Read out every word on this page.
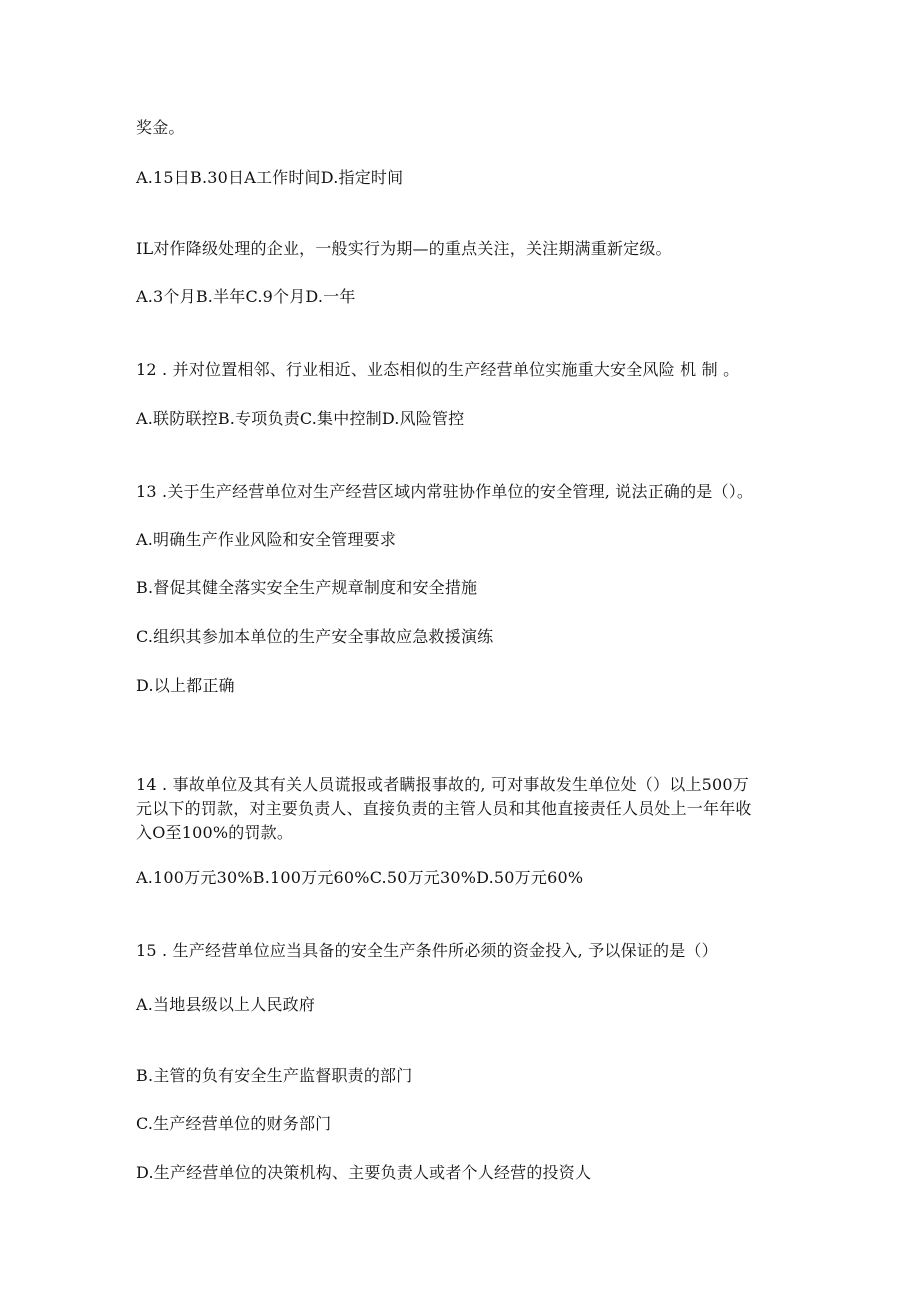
奖金。
A.15日B.30日A工作时间D.指定时间
IL对作降级处理的企业，一般实行为期—的重点关注，关注期满重新定级。
A.3个月B.半年C.9个月D.一年
12 . 并对位置相邻、行业相近、业态相似的生产经营单位实施重大安全风险 机 制 。
A.联防联控B.专项负责C.集中控制D.风险管控
13 .关于生产经营单位对生产经营区域内常驻协作单位的安全管理, 说法正确的是（）。
A.明确生产作业风险和安全管理要求
B.督促其健全落实安全生产规章制度和安全措施
C.组织其参加本单位的生产安全事故应急救援演练
D.以上都正确
14 . 事故单位及其有关人员谎报或者瞒报事故的, 可对事故发生单位处（）以上500万
元以下的罚款，对主要负责人、直接负责的主管人员和其他直接责任人员处上一年年收
入O至100%的罚款。
A.100万元30%B.100万元60%C.50万元30%D.50万元60%
15 . 生产经营单位应当具备的安全生产条件所必须的资金投入, 予以保证的是（）
A.当地县级以上人民政府
B.主管的负有安全生产监督职责的部门
C.生产经营单位的财务部门
D.生产经营单位的决策机构、主要负责人或者个人经营的投资人
